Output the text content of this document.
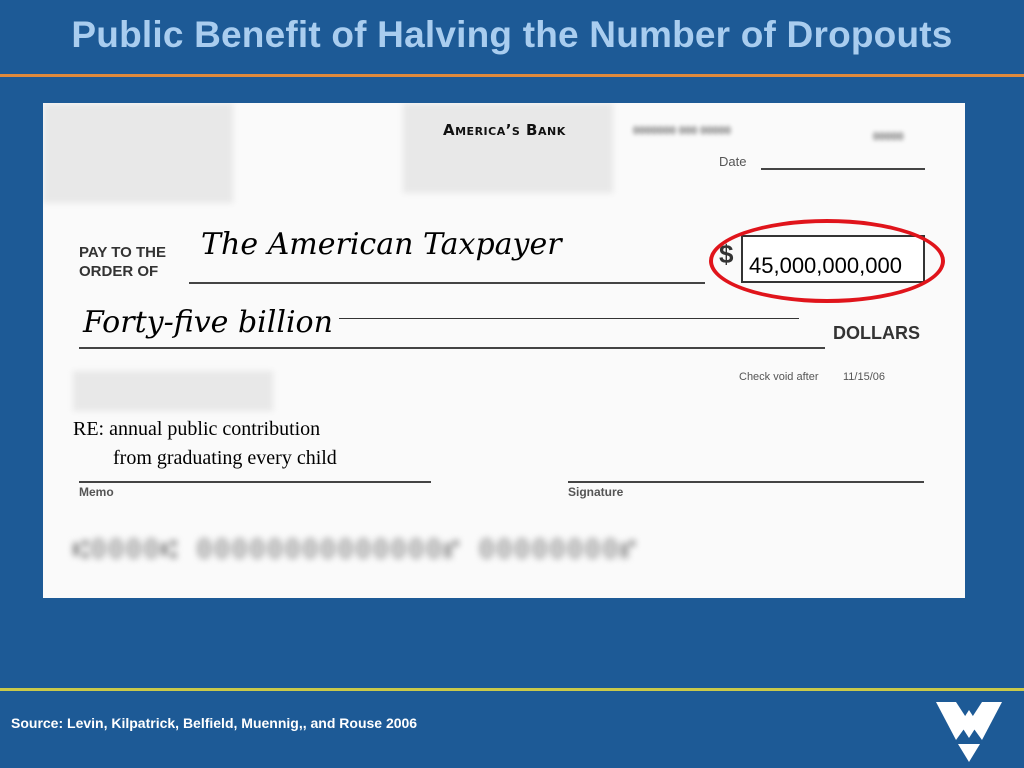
Public Benefit of Halving the Number of Dropouts
0000000 000 00000	00000
America’s Bank
Date
PAY TO THE
ORDER OF
The American Taxpayer	$ 45,000,000,000
Forty-five billion	DOLLARS
Check void after 11/15/06
RE: annual public contribution
from graduating every child
Memo	Signature
⑆0000⑆ 00000000000000⑈ 00000000⑈
Source: Levin, Kilpatrick, Belfield, Muennig,, and Rouse 2006
